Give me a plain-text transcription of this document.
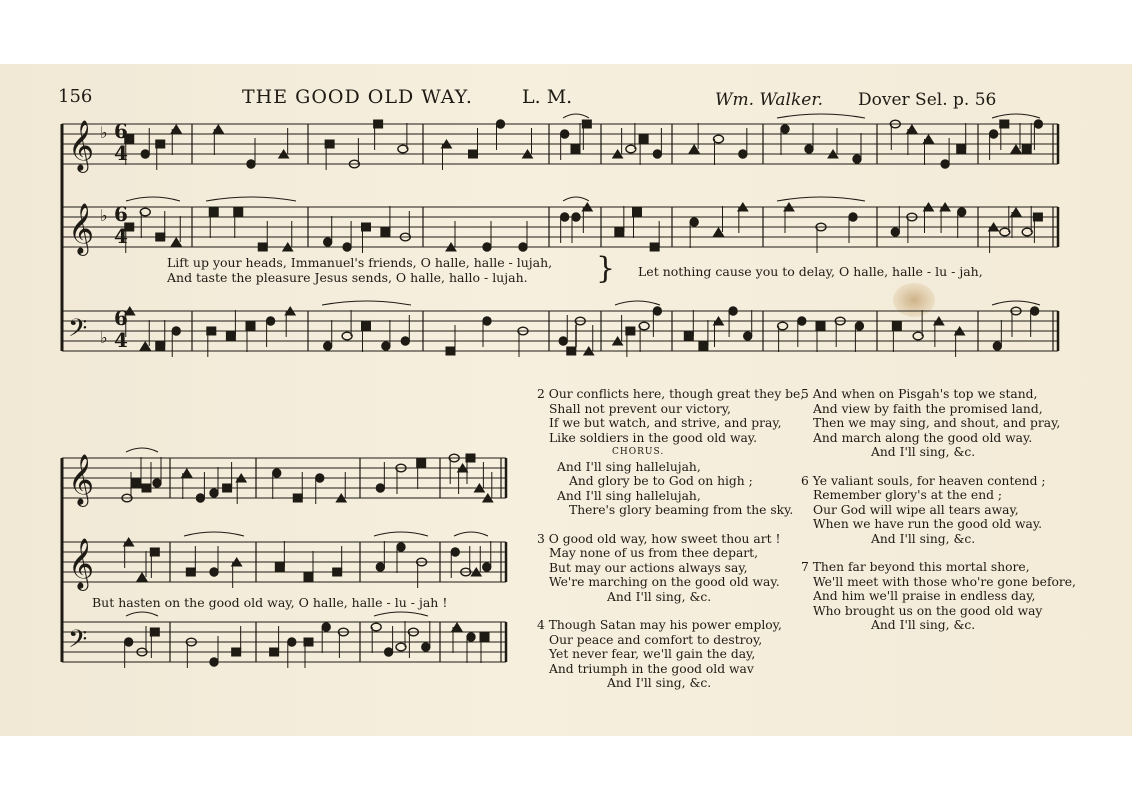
156	THE GOOD OLD WAY.	L. M.	Wm. Walker. Dover Sel. p. 56
𝄞 ♭
𝄞 ♭
𝄢 ♭
𝄞
𝄞
𝄢
6
4
6
4
6
4
Lift up your heads, Immanuel's friends, O halle, halle - lujah,
And taste the pleasure Jesus sends, O halle, hallo - lujah. } Let nothing cause you to delay, O halle, halle - lu - jah,
But hasten on the good old way, O halle, halle - lu - jah !
2 Our conflicts here, though great they be,
Shall not prevent our victory,
If we but watch, and strive, and pray,
Like soldiers in the good old way.
CHORUS.
And I'll sing hallelujah,
And glory be to God on high ;
And I'll sing hallelujah,
There's glory beaming from the sky.
3 O good old way, how sweet thou art !
May none of us from thee depart,
But may our actions always say,
We're marching on the good old way.
And I'll sing, &c.
4 Though Satan may his power employ,
Our peace and comfort to destroy,
Yet never fear, we'll gain the day,
And triumph in the good old wav
And I'll sing, &c.
5 And when on Pisgah's top we stand,
And view by faith the promised land,
Then we may sing, and shout, and pray,
And march along the good old way.
And I'll sing, &c.
6 Ye valiant souls, for heaven contend ;
Remember glory's at the end ;
Our God will wipe all tears away,
When we have run the good old way.
And I'll sing, &c.
7 Then far beyond this mortal shore,
We'll meet with those who're gone before,
And him we'll praise in endless day,
Who brought us on the good old way
And I'll sing, &c.
